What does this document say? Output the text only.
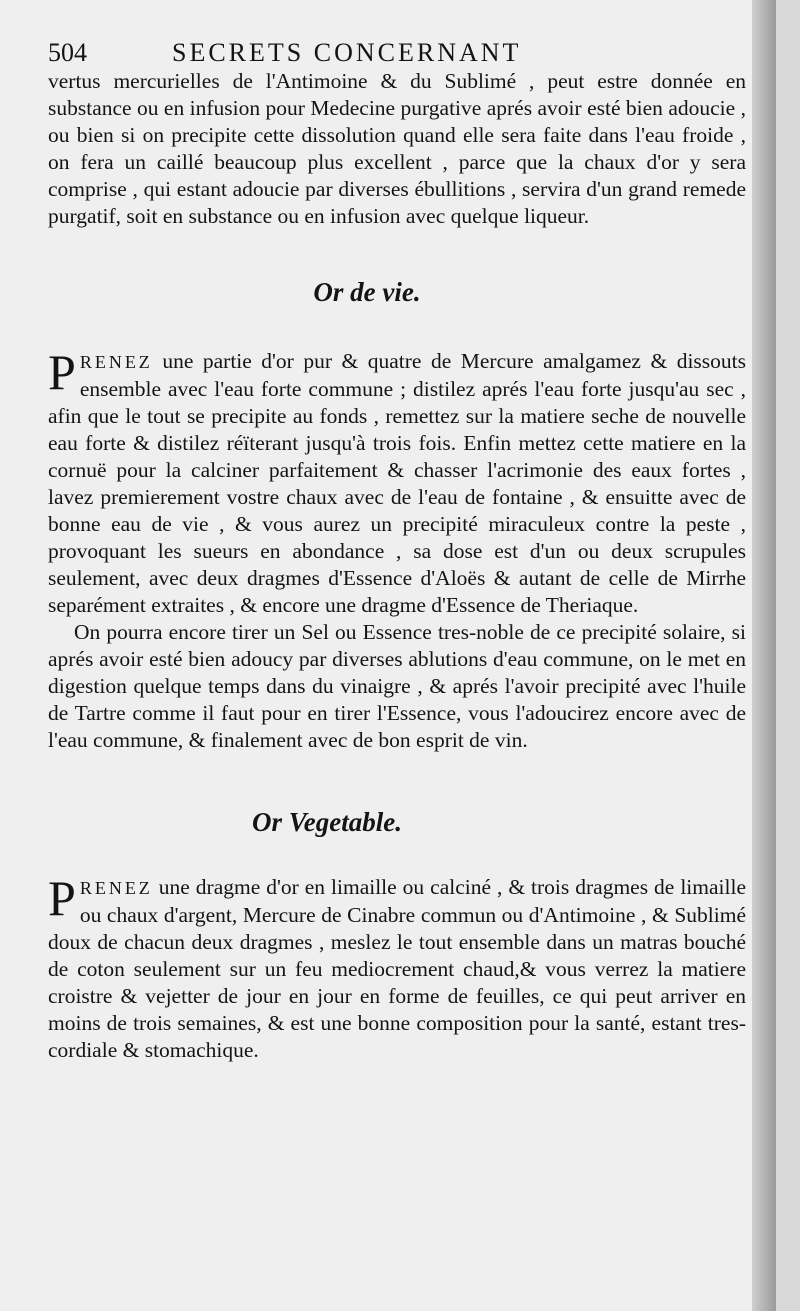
504	SECRETS CONCERNANT

vertus mercurielles de l'Antimoine & du Sublimé , peut estre donnée en substance ou en infusion pour Medecine purgative aprés avoir esté bien adoucie , ou bien si on precipite cette dissolution quand elle sera faite dans l'eau froide , on fera un caillé beaucoup plus excellent , parce que la chaux d'or y sera comprise , qui estant adoucie par diverses ébullitions , servira d'un grand remede purgatif, soit en substance ou en infusion avec quelque liqueur.

Or de vie.

PRENEZ une partie d'or pur & quatre de Mercure amalgamez & dissouts ensemble avec l'eau forte commune ; distilez aprés l'eau forte jusqu'au sec , afin que le tout se precipite au fonds , remettez sur la matiere seche de nouvelle eau forte & distilez réïterant jusqu'à trois fois. Enfin mettez cette matiere en la cornuë pour la calciner parfaitement & chasser l'acrimonie des eaux fortes , lavez premierement vostre chaux avec de l'eau de fontaine , & ensuitte avec de bonne eau de vie , & vous aurez un precipité miraculeux contre la peste , provoquant les sueurs en abondance , sa dose est d'un ou deux scrupules seulement, avec deux dragmes d'Essence d'Aloës & autant de celle de Mirrhe separément extraites , & encore une dragme d'Essence de Theriaque.

On pourra encore tirer un Sel ou Essence tres-noble de ce precipité solaire, si aprés avoir esté bien adoucy par diverses ablutions d'eau commune, on le met en digestion quelque temps dans du vinaigre , & aprés l'avoir precipité avec l'huile de Tartre comme il faut pour en tirer l'Essence, vous l'adoucirez encore avec de l'eau commune, & finalement avec de bon esprit de vin.

Or Vegetable.

PRENEZ une dragme d'or en limaille ou calciné , & trois dragmes de limaille ou chaux d'argent, Mercure de Cinabre commun ou d'Antimoine , & Sublimé doux de chacun deux dragmes , meslez le tout ensemble dans un matras bouché de coton seulement sur un feu mediocrement chaud,& vous verrez la matiere croistre & vejetter de jour en jour en forme de feuilles, ce qui peut arriver en moins de trois semaines, & est une bonne composition pour la santé, estant tres-cordiale & stomachique.
